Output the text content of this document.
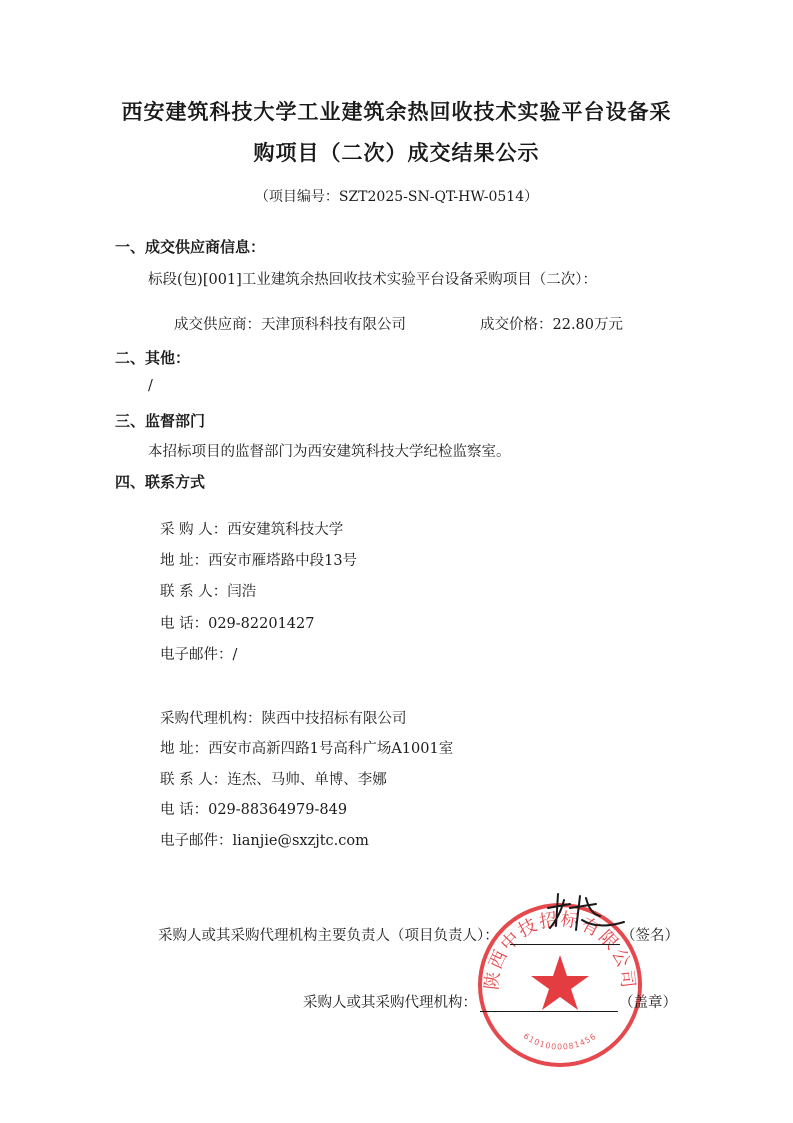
西安建筑科技大学工业建筑余热回收技术实验平台设备采
购项目（二次）成交结果公示
（项目编号：SZT2025-SN-QT-HW-0514）
一、成交供应商信息：
标段(包)[001]工业建筑余热回收技术实验平台设备采购项目（二次）：
成交供应商：天津顶科科技有限公司	成交价格：22.80万元
二、其他：
/
三、监督部门
本招标项目的监督部门为西安建筑科技大学纪检监察室。
四、联系方式
采 购 人：西安建筑科技大学
地 址：西安市雁塔路中段13号
联 系 人：闫浩
电 话：029-82201427
电子邮件：/
采购代理机构：陕西中技招标有限公司
地 址：西安市高新四路1号高科广场A1001室
联 系 人：连杰、马帅、单博、李娜
电 话：029-88364979-849
电子邮件：lianjie@sxzjtc.com
陕西中技招标有限公司
6101000081456
采购人或其采购代理机构主要负责人（项目负责人）：	（签名）
采购人或其采购代理机构：	（盖章）
